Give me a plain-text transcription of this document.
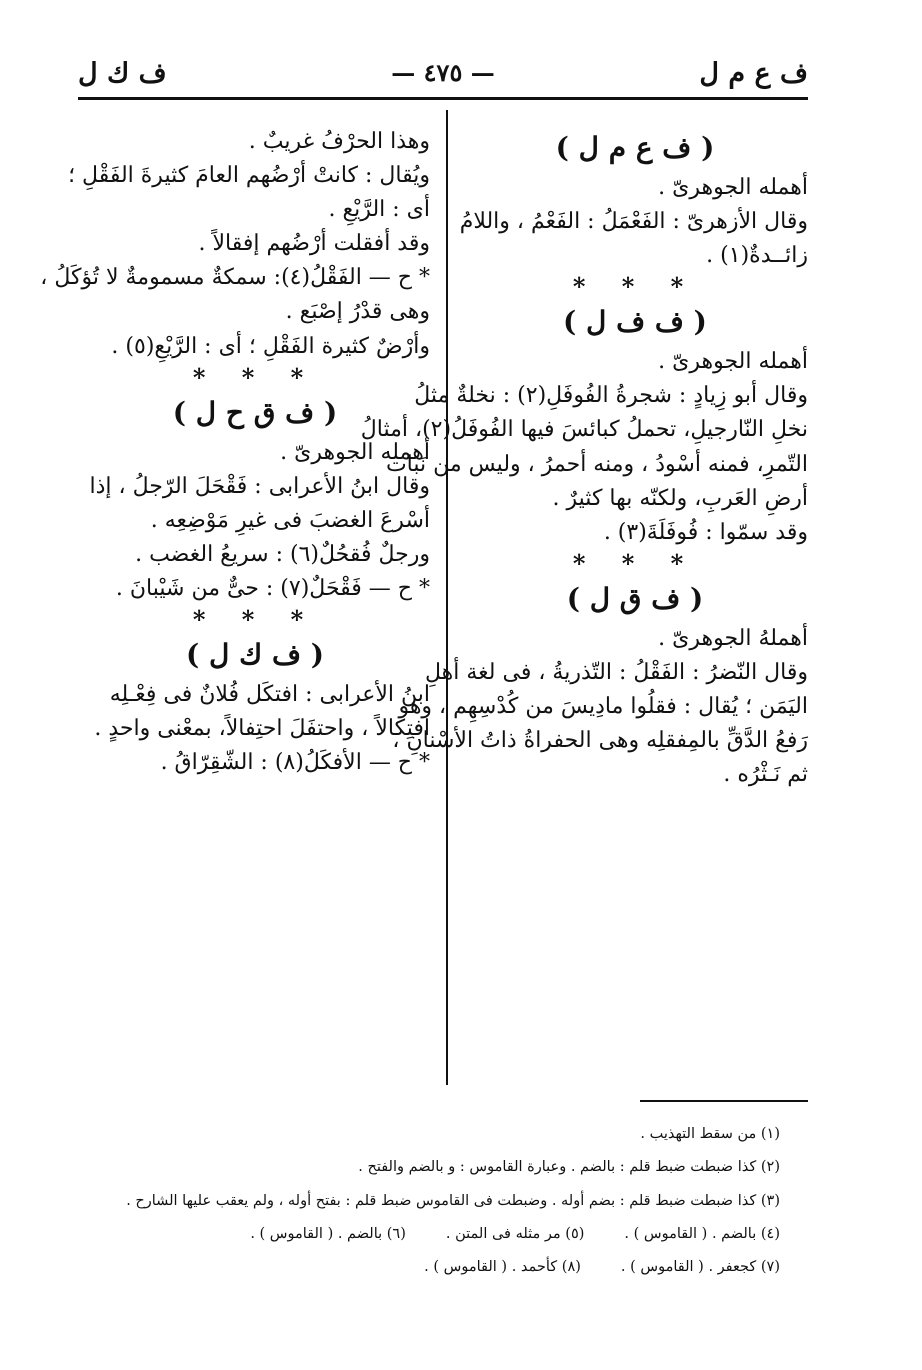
ف ع م ل
— ٤٧٥ —
ف ك ل
( ف ع م ل )
أهمله الجوهرىّ .
وقال الأزهرىّ : الفَعْمَلُ : الفَعْمُ ، واللامُ
زائــدةٌ(١) .
* * *
( ف ف ل )
أهمله الجوهرىّ .
وقال أبو زِيادٍ : شجرةُ الفُوفَلِ(٢) : نخلةٌ مثلُ
نخلِ النّارجيلِ، تحملُ كبائسَ فيها الفُوفَلُ(٢)، أمثالُ
التّمرِ، فمنه أسْودُ ، ومنه أحمرُ ، وليس من نَبات
أرضِ العَربِ، ولكنّه بها كثيرٌ .
وقد سمّوا : فُوفَلَةَ(٣) .
* * *
( ف ق ل )
أهملهُ الجوهرىّ .
وقال النّضرُ : الفَقْلُ : التّذريةُ ، فى لغة أهلِ
اليَمَن ؛ يُقال : فقلُوا مادِيسَ من كُدْسِهِم ، وهو
رَفعُ الدَّقِّ بالمِفقلِه وهى الحفراةُ ذاتُ الأسْنانِ ،
ثم نَـثْرُه .
وهذا الحرْفُ غريبٌ .
ويُقال : كانتْ أرْضُهم العامَ كثيرةَ الفَقْلِ ؛
أى : الرَّيْعِ .
وقد أفقلت أرْضُهم إفقالاً .
* ح — الفَقْلُ(٤): سمكةٌ مسمومةٌ لا تُؤكَلُ ،
وهى قدْرُ إصْبَع .
وأرْضٌ كثيرة الفَقْلِ ؛ أى : الرَّيْعِ(٥) .
* * *
( ف ق ح ل )
أهمله الجوهرىّ .
وقال ابنُ الأعرابى : فَقْحَلَ الرّجلُ ، إذا
أسْرعَ الغضبَ فى غيرِ مَوْضِعِه .
ورجلٌ فُقحُلٌ(٦) : سريعُ الغضب .
* ح — فَقْحَلٌ(٧) : حىٌّ من شَيْبانَ .
* * *
( ف ك ل )
ابنُ الأعرابى : افتكَل فُلانٌ فى فِعْـلِه
افتِكالاً ، واحتفَلَ احتِفالاً، بمعْنى واحدٍ .
* ح — الأفكَلُ(٨) : الشّقِرّاقُ .
(١) من سقط التهذيب .
(٢) كذا ضبطت ضبط قلم : بالضم . وعبارة القاموس : و بالضم والفتح .
(٣) كذا ضبطت ضبط قلم : بضم أوله . وضبطت فى القاموس ضبط قلم : بفتح أوله ، ولم يعقب عليها الشارح .
(٤) بالضم . ( القاموس ) .
(٥) مر مثله فى المتن .
(٦) بالضم . ( القاموس ) .
(٧) كجعفر . ( القاموس ) .
(٨) كأحمد . ( القاموس ) .
